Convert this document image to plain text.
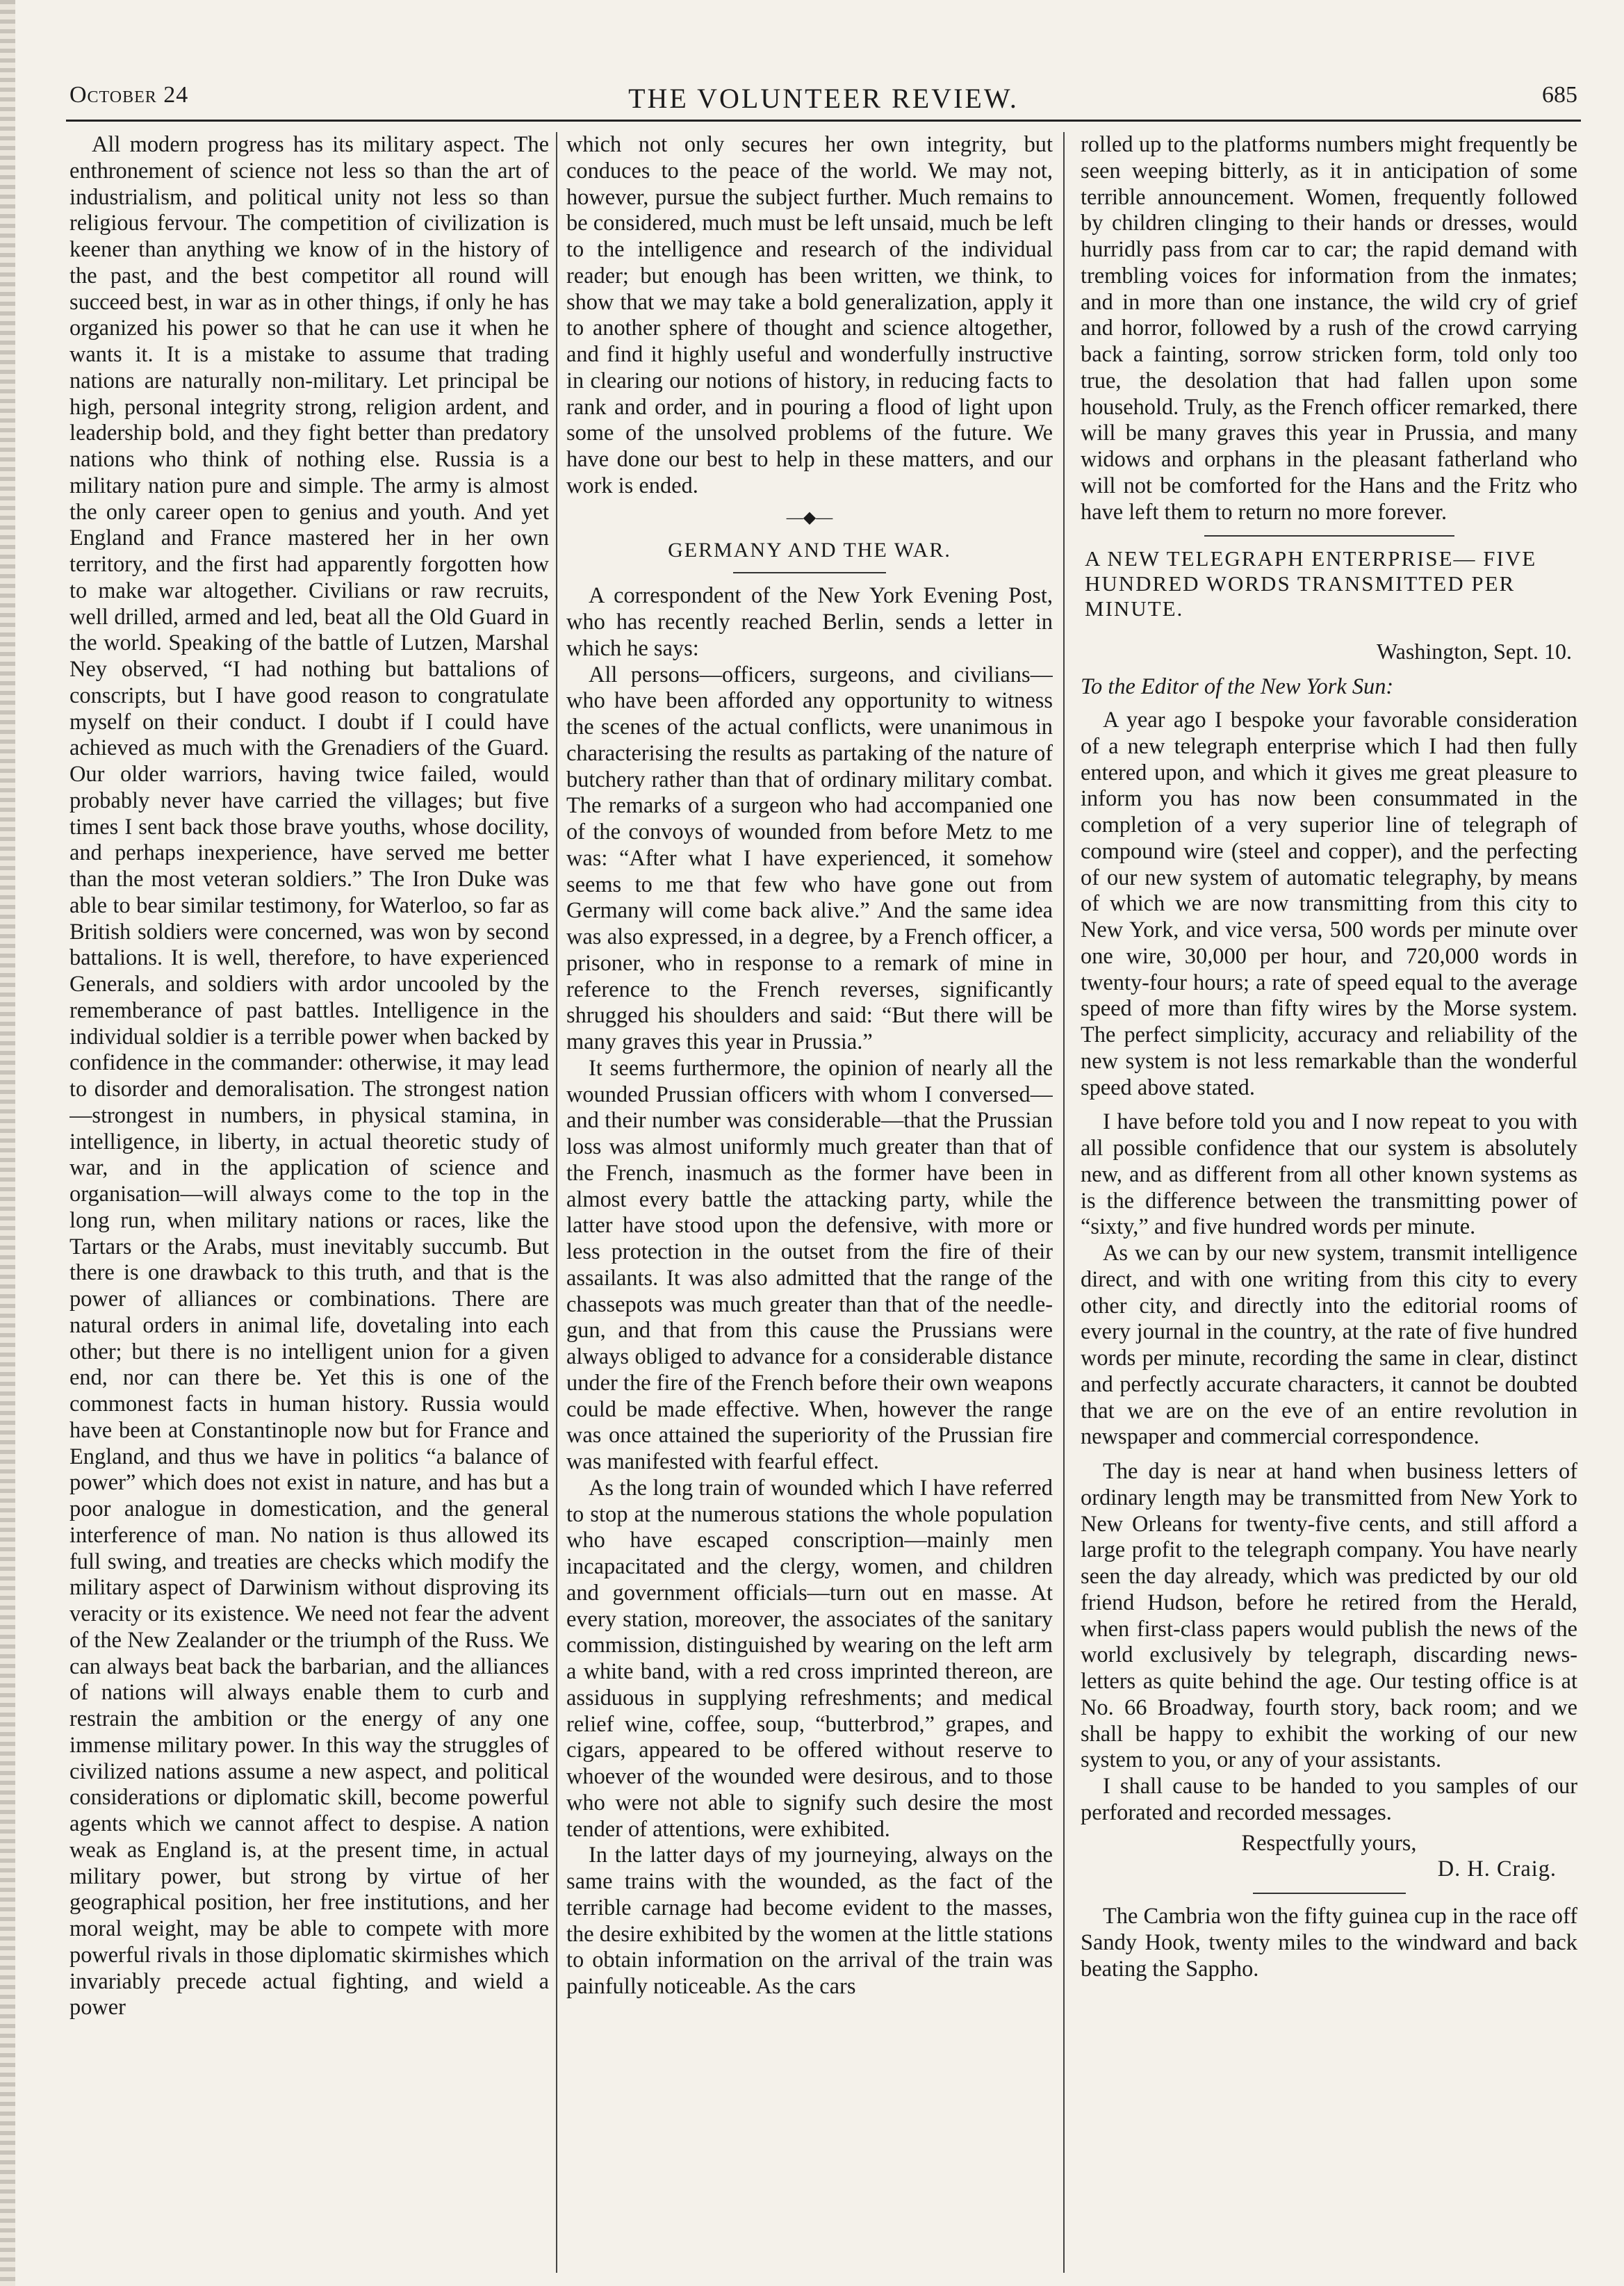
October 24	THE VOLUNTEER REVIEW.	685

All modern progress has its military aspect. The enthronement of science not less so than the art of industrialism, and political unity not less so than religious fervour. The competition of civilization is keener than anything we know of in the history of the past, and the best competitor all round will succeed best, in war as in other things, if only he has organized his power so that he can use it when he wants it. It is a mistake to assume that trading nations are naturally non-military. Let principal be high, personal integrity strong, religion ardent, and leadership bold, and they fight better than predatory nations who think of nothing else. Russia is a military nation pure and simple. The army is almost the only career open to genius and youth. And yet England and France mastered her in her own territory, and the first had apparently forgotten how to make war altogether. Civilians or raw recruits, well drilled, armed and led, beat all the Old Guard in the world. Speaking of the battle of Lutzen, Marshal Ney observed, “I had nothing but battalions of conscripts, but I have good reason to congratulate myself on their conduct. I doubt if I could have achieved as much with the Grenadiers of the Guard. Our older warriors, having twice failed, would probably never have carried the villages; but five times I sent back those brave youths, whose docility, and perhaps inexperience, have served me better than the most veteran soldiers.” The Iron Duke was able to bear similar testimony, for Waterloo, so far as British soldiers were concerned, was won by second battalions. It is well, therefore, to have experienced Generals, and soldiers with ardor uncooled by the rememberance of past battles. Intelligence in the individual soldier is a terrible power when backed by confidence in the commander: otherwise, it may lead to disorder and demoralisation. The strongest nation—strongest in numbers, in physical stamina, in intelligence, in liberty, in actual theoretic study of war, and in the application of science and organisation—will always come to the top in the long run, when military nations or races, like the Tartars or the Arabs, must inevitably succumb. But there is one drawback to this truth, and that is the power of alliances or combinations. There are natural orders in animal life, dovetaling into each other; but there is no intelligent union for a given end, nor can there be. Yet this is one of the commonest facts in human history. Russia would have been at Constantinople now but for France and England, and thus we have in politics “a balance of power” which does not exist in nature, and has but a poor analogue in domestication, and the general interference of man. No nation is thus allowed its full swing, and treaties are checks which modify the military aspect of Darwinism without disproving its veracity or its existence. We need not fear the advent of the New Zealander or the triumph of the Russ. We can always beat back the barbarian, and the alliances of nations will always enable them to curb and restrain the ambition or the energy of any one immense military power. In this way the struggles of civilized nations assume a new aspect, and political considerations or diplomatic skill, become powerful agents which we cannot affect to despise. A nation weak as England is, at the present time, in actual military power, but strong by virtue of her geographical position, her free institutions, and her moral weight, may be able to compete with more powerful rivals in those diplomatic skirmishes which invariably precede actual fighting, and wield a power

which not only secures her own integrity, but conduces to the peace of the world. We may not, however, pursue the subject further. Much remains to be considered, much must be left unsaid, much be left to the intelligence and research of the individual reader; but enough has been written, we think, to show that we may take a bold generalization, apply it to another sphere of thought and science altogether, and find it highly useful and wonderfully instructive in clearing our notions of history, in reducing facts to rank and order, and in pouring a flood of light upon some of the unsolved problems of the future. We have done our best to help in these matters, and our work is ended.

—◆—
GERMANY AND THE WAR.

A correspondent of the New York Evening Post, who has recently reached Berlin, sends a letter in which he says:

All persons—officers, surgeons, and civilians—who have been afforded any opportunity to witness the scenes of the actual conflicts, were unanimous in characterising the results as partaking of the nature of butchery rather than that of ordinary military combat. The remarks of a surgeon who had accompanied one of the convoys of wounded from before Metz to me was: “After what I have experienced, it somehow seems to me that few who have gone out from Germany will come back alive.” And the same idea was also expressed, in a degree, by a French officer, a prisoner, who in response to a remark of mine in reference to the French reverses, significantly shrugged his shoulders and said: “But there will be many graves this year in Prussia.”

It seems furthermore, the opinion of nearly all the wounded Prussian officers with whom I conversed—and their number was considerable—that the Prussian loss was almost uniformly much greater than that of the French, inasmuch as the former have been in almost every battle the attacking party, while the latter have stood upon the defensive, with more or less protection in the outset from the fire of their assailants. It was also admitted that the range of the chassepots was much greater than that of the needle-gun, and that from this cause the Prussians were always obliged to advance for a considerable distance under the fire of the French before their own weapons could be made effective. When, however the range was once attained the superiority of the Prussian fire was manifested with fearful effect.

As the long train of wounded which I have referred to stop at the numerous stations the whole population who have escaped conscription—mainly men incapacitated and the clergy, women, and children and government officials—turn out en masse. At every station, moreover, the associates of the sanitary commission, distinguished by wearing on the left arm a white band, with a red cross imprinted thereon, are assiduous in supplying refreshments; and medical relief wine, coffee, soup, “butterbrod,” grapes, and cigars, appeared to be offered without reserve to whoever of the wounded were desirous, and to those who were not able to signify such desire the most tender of attentions, were exhibited.

In the latter days of my journeying, always on the same trains with the wounded, as the fact of the terrible carnage had become evident to the masses, the desire exhibited by the women at the little stations to obtain information on the arrival of the train was painfully noticeable. As the cars

rolled up to the platforms numbers might frequently be seen weeping bitterly, as it in anticipation of some terrible announcement. Women, frequently followed by children clinging to their hands or dresses, would hurridly pass from car to car; the rapid demand with trembling voices for information from the inmates; and in more than one instance, the wild cry of grief and horror, followed by a rush of the crowd carrying back a fainting, sorrow stricken form, told only too true, the desolation that had fallen upon some household. Truly, as the French officer remarked, there will be many graves this year in Prussia, and many widows and orphans in the pleasant fatherland who will not be comforted for the Hans and the Fritz who have left them to return no more forever.

A NEW TELEGRAPH ENTERPRISE— FIVE HUNDRED WORDS TRANSMITTED PER MINUTE.
Washington, Sept. 10.
To the Editor of the New York Sun:

A year ago I bespoke your favorable consideration of a new telegraph enterprise which I had then fully entered upon, and which it gives me great pleasure to inform you has now been consummated in the completion of a very superior line of telegraph of compound wire (steel and copper), and the perfecting of our new system of automatic telegraphy, by means of which we are now transmitting from this city to New York, and vice versa, 500 words per minute over one wire, 30,000 per hour, and 720,000 words in twenty-four hours; a rate of speed equal to the average speed of more than fifty wires by the Morse system. The perfect simplicity, accuracy and reliability of the new system is not less remarkable than the wonderful speed above stated.

I have before told you and I now repeat to you with all possible confidence that our system is absolutely new, and as different from all other known systems as is the difference between the transmitting power of “sixty,” and five hundred words per minute.

As we can by our new system, transmit intelligence direct, and with one writing from this city to every other city, and directly into the editorial rooms of every journal in the country, at the rate of five hundred words per minute, recording the same in clear, distinct and perfectly accurate characters, it cannot be doubted that we are on the eve of an entire revolution in newspaper and commercial correspondence.

The day is near at hand when business letters of ordinary length may be transmitted from New York to New Orleans for twenty-five cents, and still afford a large profit to the telegraph company. You have nearly seen the day already, which was predicted by our old friend Hudson, before he retired from the Herald, when first-class papers would publish the news of the world exclusively by telegraph, discarding news-letters as quite behind the age. Our testing office is at No. 66 Broadway, fourth story, back room; and we shall be happy to exhibit the working of our new system to you, or any of your assistants.

I shall cause to be handed to you samples of our perforated and recorded messages.

Respectfully yours,
D. H. Craig.

The Cambria won the fifty guinea cup in the race off Sandy Hook, twenty miles to the windward and back beating the Sappho.
